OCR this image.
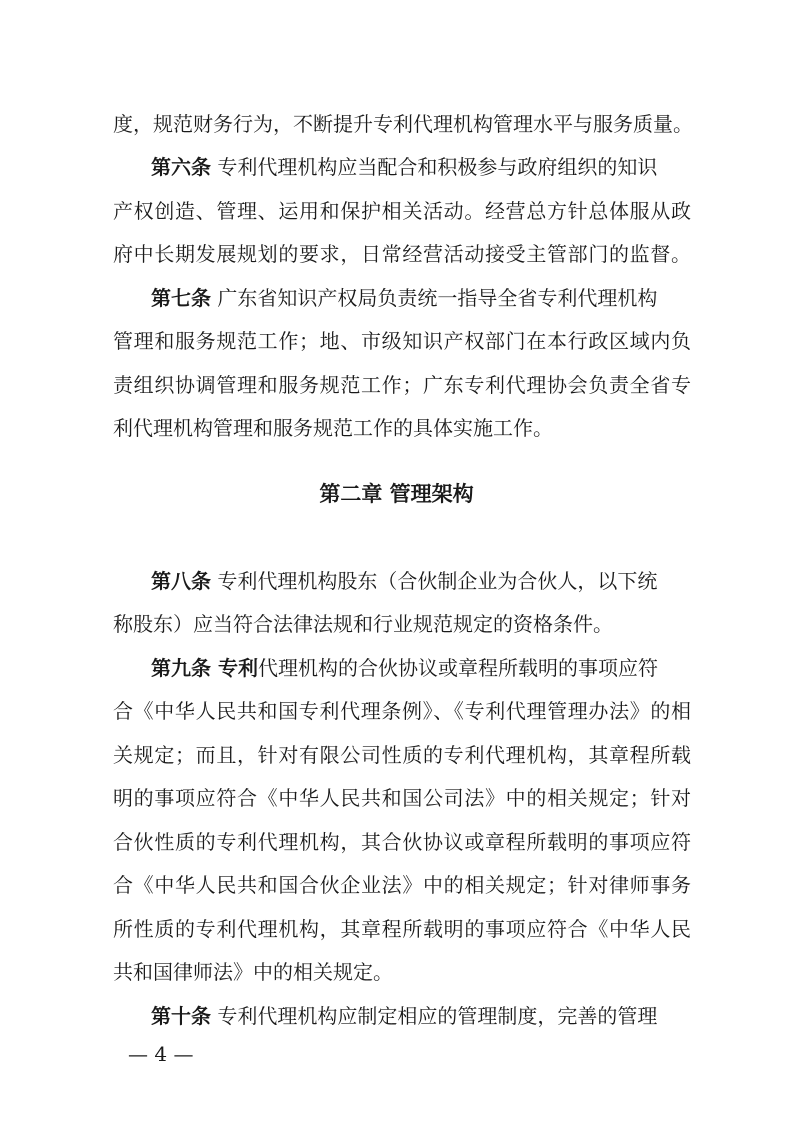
度，规范财务行为，不断提升专利代理机构管理水平与服务质量。
第六条 专利代理机构应当配合和积极参与政府组织的知识
产权创造、管理、运用和保护相关活动。经营总方针总体服从政
府中长期发展规划的要求，日常经营活动接受主管部门的监督。
第七条 广东省知识产权局负责统一指导全省专利代理机构
管理和服务规范工作；地、市级知识产权部门在本行政区域内负
责组织协调管理和服务规范工作；广东专利代理协会负责全省专
利代理机构管理和服务规范工作的具体实施工作。
第二章 管理架构
第八条 专利代理机构股东（合伙制企业为合伙人，以下统
称股东）应当符合法律法规和行业规范规定的资格条件。
第九条 专利代理机构的合伙协议或章程所载明的事项应符
合《中华人民共和国专利代理条例》、《专利代理管理办法》的相
关规定；而且，针对有限公司性质的专利代理机构，其章程所载
明的事项应符合《中华人民共和国公司法》中的相关规定；针对
合伙性质的专利代理机构，其合伙协议或章程所载明的事项应符
合《中华人民共和国合伙企业法》中的相关规定；针对律师事务
所性质的专利代理机构，其章程所载明的事项应符合《中华人民
共和国律师法》中的相关规定。
第十条 专利代理机构应制定相应的管理制度，完善的管理
— 4 —
